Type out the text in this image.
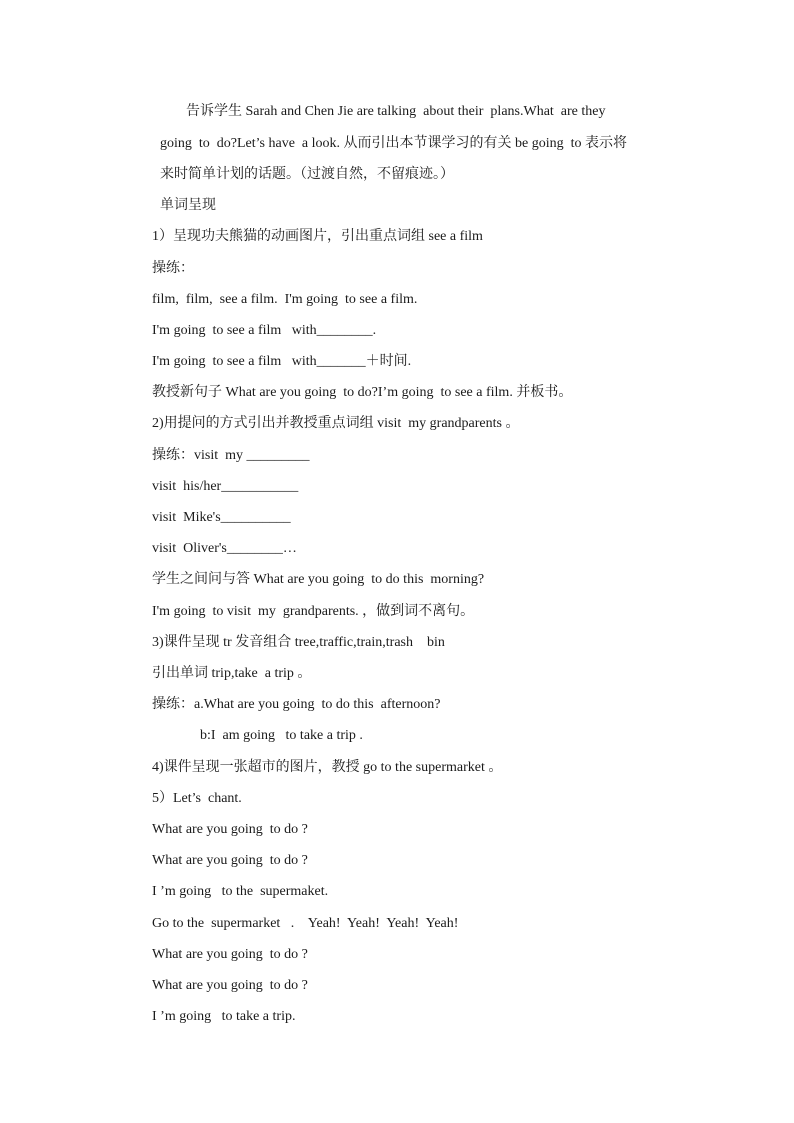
告诉学生 Sarah and Chen Jie are talking  about their  plans.What  are they
going  to  do?Let’s have  a look. 从而引出本节课学习的有关 be going  to 表示将
来时简单计划的话题。（过渡自然，不留痕迹。）
单词呈现
1）呈现功夫熊猫的动画图片，引出重点词组 see a film
操练：
film,  film,  see a film.  I'm going  to see a film.
I'm going  to see a film   with________.
I'm going  to see a film   with_______＋时间.
教授新句子 What are you going  to do?I’m going  to see a film. 并板书。
2)用提问的方式引出并教授重点词组 visit  my grandparents 。
操练：visit  my _________
visit  his/her___________
visit  Mike's__________
visit  Oliver's________…
学生之间问与答 What are you going  to do this  morning?
I'm going  to visit  my  grandparents. ，做到词不离句。
3)课件呈现 tr 发音组合 tree,traffic,train,trash    bin
引出单词 trip,take  a trip 。
操练：a.What are you going  to do this  afternoon?
b:I  am going   to take a trip .
4)课件呈现一张超市的图片，教授 go to the supermarket 。
5）Let’s  chant.
What are you going  to do ?
What are you going  to do ?
I ’m going   to the  supermaket.
Go to the  supermarket   .    Yeah!  Yeah!  Yeah!  Yeah!
What are you going  to do ?
What are you going  to do ?
I ’m going   to take a trip.
